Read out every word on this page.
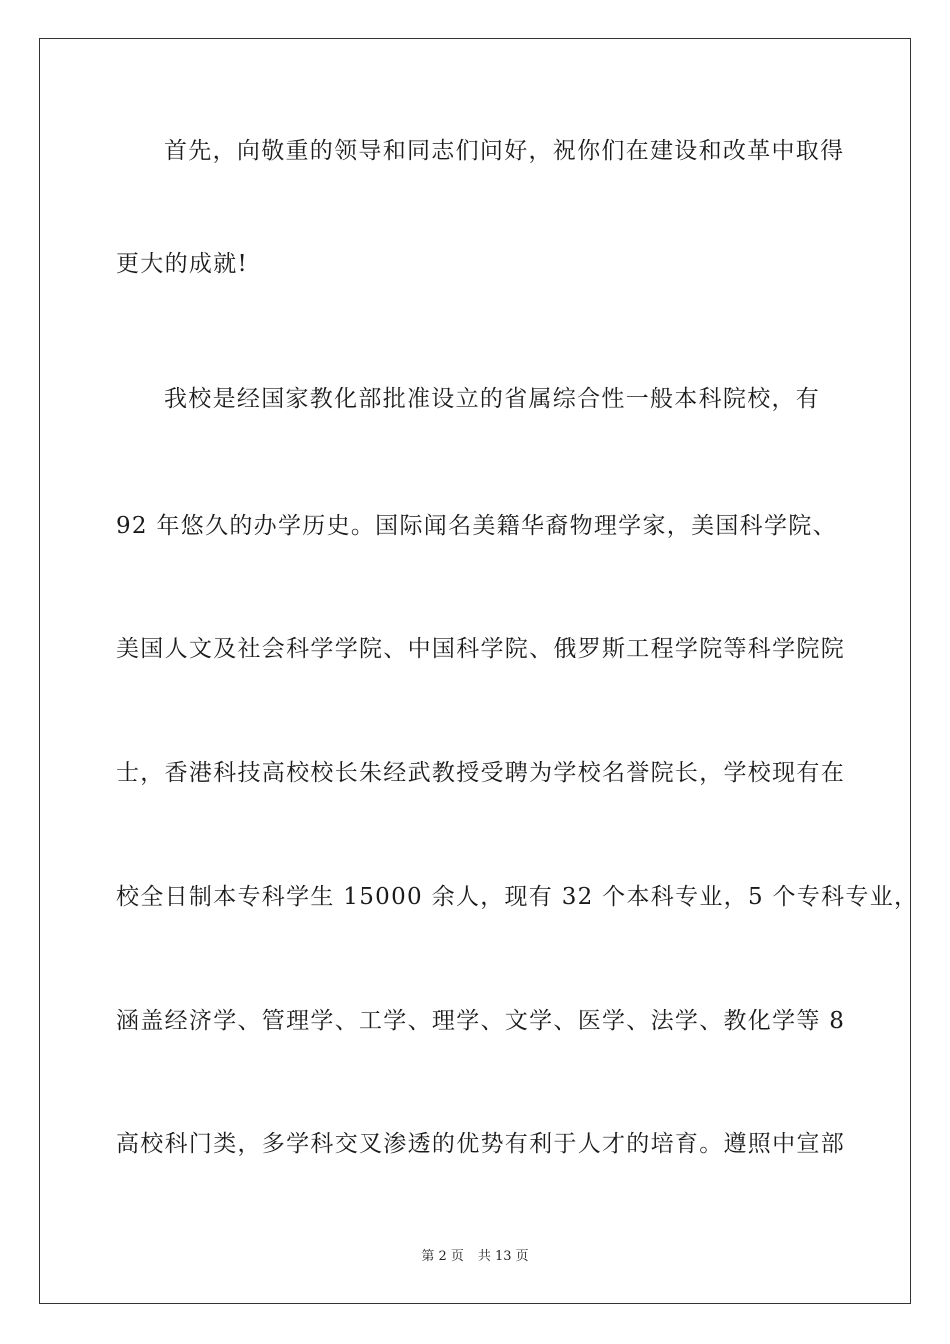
首先，向敬重的领导和同志们问好，祝你们在建设和改革中取得
更大的成就!
我校是经国家教化部批准设立的省属综合性一般本科院校，有
92 年悠久的办学历史。国际闻名美籍华裔物理学家，美国科学院、
美国人文及社会科学学院、中国科学院、俄罗斯工程学院等科学院院
士，香港科技高校校长朱经武教授受聘为学校名誉院长，学校现有在
校全日制本专科学生 15000 余人，现有 32 个本科专业，5 个专科专业，
涵盖经济学、管理学、工学、理学、文学、医学、法学、教化学等 8
高校科门类，多学科交叉渗透的优势有利于人才的培育。遵照中宣部
第 2 页 共 13 页
